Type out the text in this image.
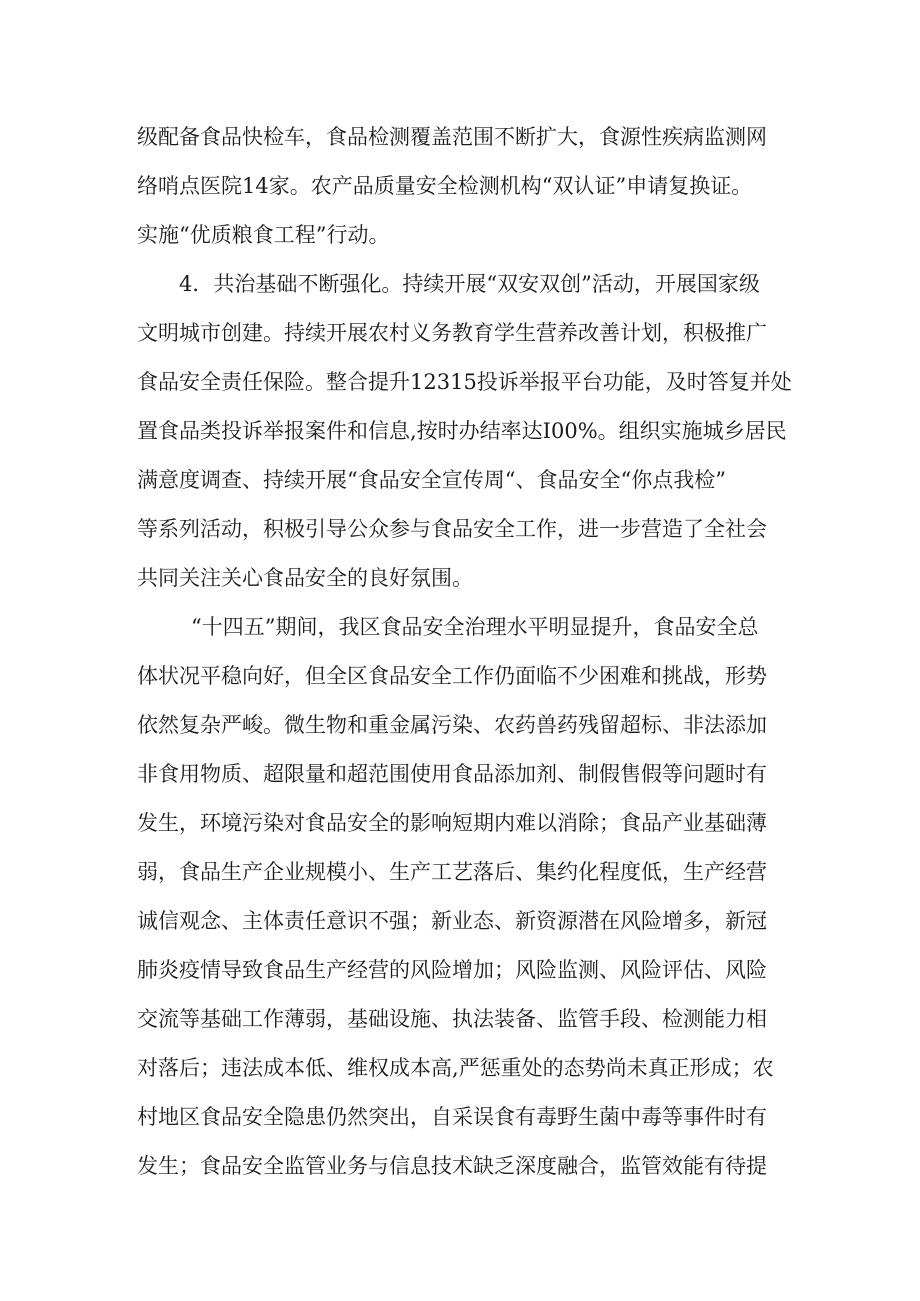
级配备食品快检车，食品检测覆盖范围不断扩大，食源性疾病监测网
络哨点医院14家。农产品质量安全检测机构“双认证”申请复换证。
实施“优质粮食工程”行动。
4．共治基础不断强化。持续开展“双安双创”活动，开展国家级
文明城市创建。持续开展农村义务教育学生营养改善计划，积极推广
食品安全责任保险。整合提升12315投诉举报平台功能，及时答复并处
置食品类投诉举报案件和信息,按时办结率达I00%。组织实施城乡居民
满意度调查、持续开展“食品安全宣传周“、食品安全“你点我检”
等系列活动，积极引导公众参与食品安全工作，进一步营造了全社会
共同关注关心食品安全的良好氛围。
“十四五”期间，我区食品安全治理水平明显提升，食品安全总
体状况平稳向好，但全区食品安全工作仍面临不少困难和挑战，形势
依然复杂严峻。微生物和重金属污染、农药兽药残留超标、非法添加
非食用物质、超限量和超范围使用食品添加剂、制假售假等问题时有
发生，环境污染对食品安全的影响短期内难以消除；食品产业基础薄
弱，食品生产企业规模小、生产工艺落后、集约化程度低，生产经营
诚信观念、主体责任意识不强；新业态、新资源潜在风险增多，新冠
肺炎疫情导致食品生产经营的风险增加；风险监测、风险评估、风险
交流等基础工作薄弱，基础设施、执法装备、监管手段、检测能力相
对落后；违法成本低、维权成本高,严惩重处的态势尚未真正形成；农
村地区食品安全隐患仍然突出，自采误食有毒野生菌中毒等事件时有
发生；食品安全监管业务与信息技术缺乏深度融合，监管效能有待提
